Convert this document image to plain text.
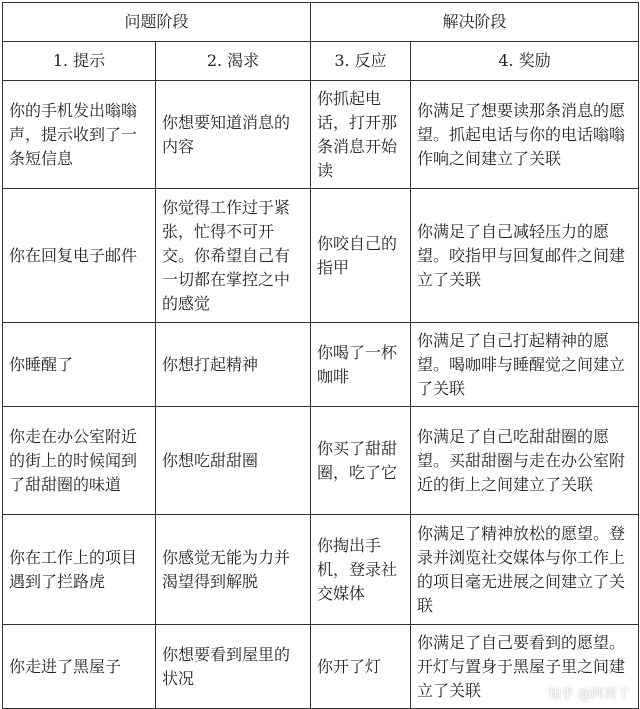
问题阶段		解决阶段	
1. 提示	2. 渴求	3. 反应	4. 奖励
你的手机发出嗡嗡声，提示收到了一条短信息	你想要知道消息的内容	你抓起电话，打开那条消息开始读	你满足了想要读那条消息的愿望。抓起电话与你的电话嗡嗡作响之间建立了关联
你在回复电子邮件	你觉得工作过于紧张，忙得不可开交。你希望自己有一切都在掌控之中的感觉	你咬自己的指甲	你满足了自己减轻压力的愿望。咬指甲与回复邮件之间建立了关联
你睡醒了	你想打起精神	你喝了一杯咖啡	你满足了自己打起精神的愿望。喝咖啡与睡醒觉之间建立了关联
你走在办公室附近的街上的时候闻到了甜甜圈的味道	你想吃甜甜圈	你买了甜甜圈，吃了它	你满足了自己吃甜甜圈的愿望。买甜甜圈与走在办公室附近的街上之间建立了关联
你在工作上的项目遇到了拦路虎	你感觉无能为力并渴望得到解脱	你掏出手机，登录社交媒体	你满足了精神放松的愿望。登录并浏览社交媒体与你工作上的项目毫无进展之间建立了关联
你走进了黑屋子	你想要看到屋里的状况	你开了灯	你满足了自己要看到的愿望。开灯与置身于黑屋子里之间建立了关联	知乎 @阿爽丫
